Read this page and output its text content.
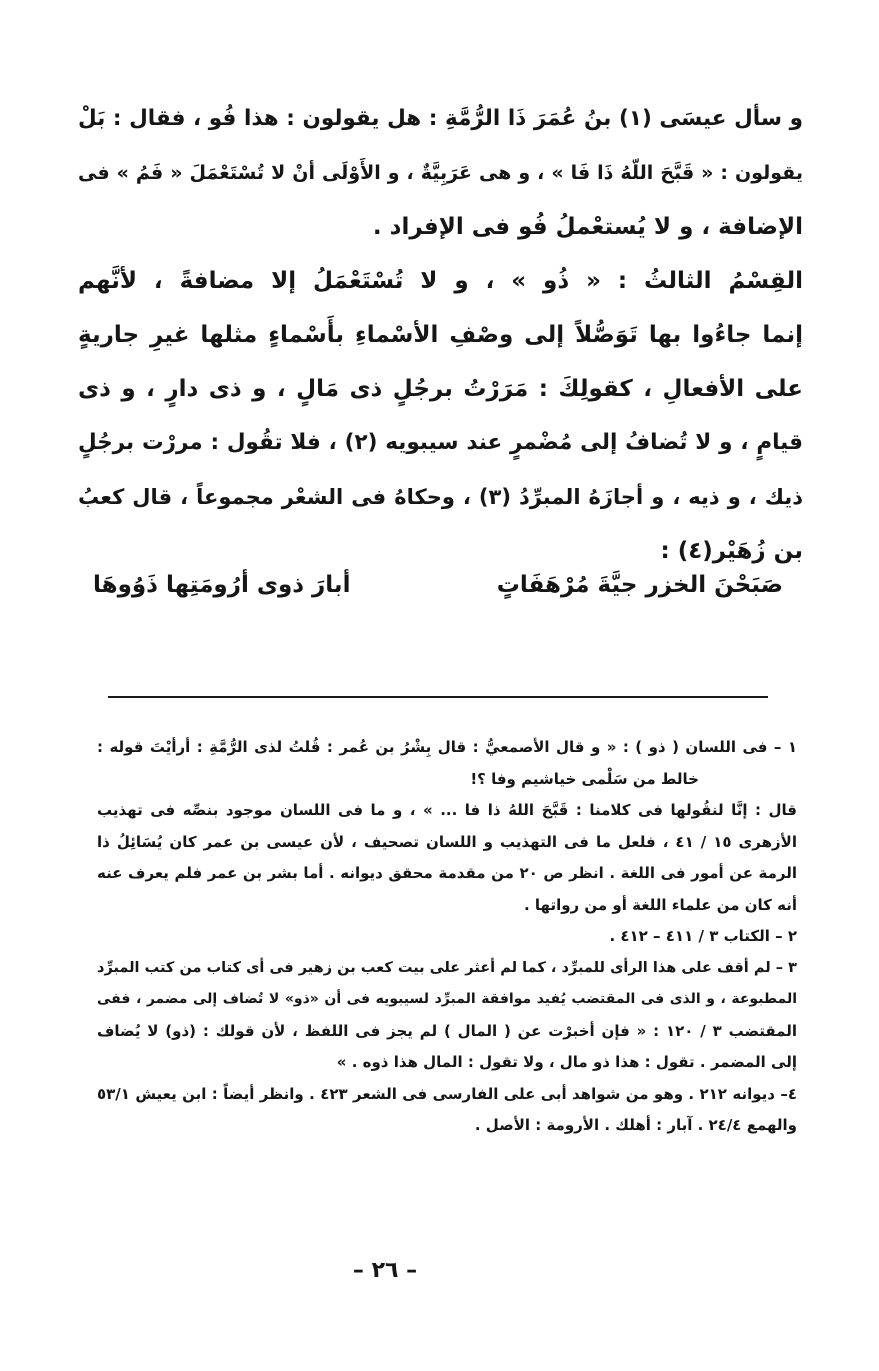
و سأل عيسَى (١) بنُ عُمَرَ ذَا الرُّمَّةِ : هل يقولون : هذا فُو ، فقال : بَلْ
يقولون : « قَبَّحَ اللّهُ ذَا فَا » ، و هى عَرَبِيَّةٌ ، و الأَوْلَى أنْ لا تُسْتَعْمَلَ « فَمُ » فى
الإضافة ، و لا يُستعْملُ فُو فى الإفراد .
القِسْمُ الثالثُ : « ذُو » ، و لا تُسْتَعْمَلُ إلا مضافةً ، لأنَّهم
إنما جاءُوا بها تَوَصُّلاً إلى وصْفِ الأسْماءِ بأَسْماءٍ مثلها غيرِ جاريةٍ
على الأفعالِ ، كقولِكَ : مَرَرْتُ برجُلٍ ذى مَالٍ ، و ذى دارٍ ، و ذى
قيامٍ ، و لا تُضافُ إلى مُضْمرٍ عند سيبويه (٢) ، فلا تقُول : مررْت برجُلٍ
ذيك ، و ذيه ، و أجازَهُ المبرِّدُ (٣) ، وحكاهُ فى الشعْر مجموعاً ، قال كعبُ
بن زُهَيْر(٤) :
صَبَحْنَ الخزر جيَّةَ مُرْهَفَاتٍ
أبارَ ذوى أرُومَتِها ذَوُوهَا
١ – فى اللسان ( ذو ) : « و قال الأصمعيُّ : قال بِشْرُ بن عُمر : قُلتُ لذى الرُّمَّةِ : أرأيْتَ قوله :
خالط من سَلْمى خياشيم وفا ؟!
قال : إنَّا لنقُولها فى كلامنا : قَبَّحَ اللهُ ذا فا ... » ، و ما فى اللسان موجود بنصِّه فى تهذيب
الأزهرى ١٥ / ٤١ ، فلعل ما فى التهذيب و اللسان تصحيف ، لأن عيسى بن عمر كان يُسَائِلُ ذا
الرمة عن أمور فى اللغة . انظر ص ٢٠ من مقدمة محقق ديوانه . أما بشر بن عمر فلم يعرف عنه
أنه كان من علماء اللغة أو من رواتها .
٢ – الكتاب ٣ / ٤١١ – ٤١٢ .
٣ – لم أقف على هذا الرأى للمبرِّد ، كما لم أعثر على بيت كعب بن زهير فى أى كتاب من كتب المبرِّد
المطبوعة ، و الذى فى المقتضب يُفيد موافقة المبرِّد لسيبويه فى أن «ذو» لا تُضاف إلى مضمر ، ففى
المقتضب ٣ / ١٢٠ : « فإن أخبرْت عن ( المال ) لم يجز فى اللفظ ، لأن قولك : (ذو) لا يُضاف
إلى المضمر . تقول : هذا ذو مال ، ولا تقول : المال هذا ذوه . »
٤– ديوانه ٢١٢ . وهو من شواهد أبى على الفارسى فى الشعر ٤٢٣ . وانظر أيضاً : ابن يعيش ٥٣/١
والهمع ٢٤/٤ . آبار : أهلك . الأرومة : الأصل .
– ٢٦ –
